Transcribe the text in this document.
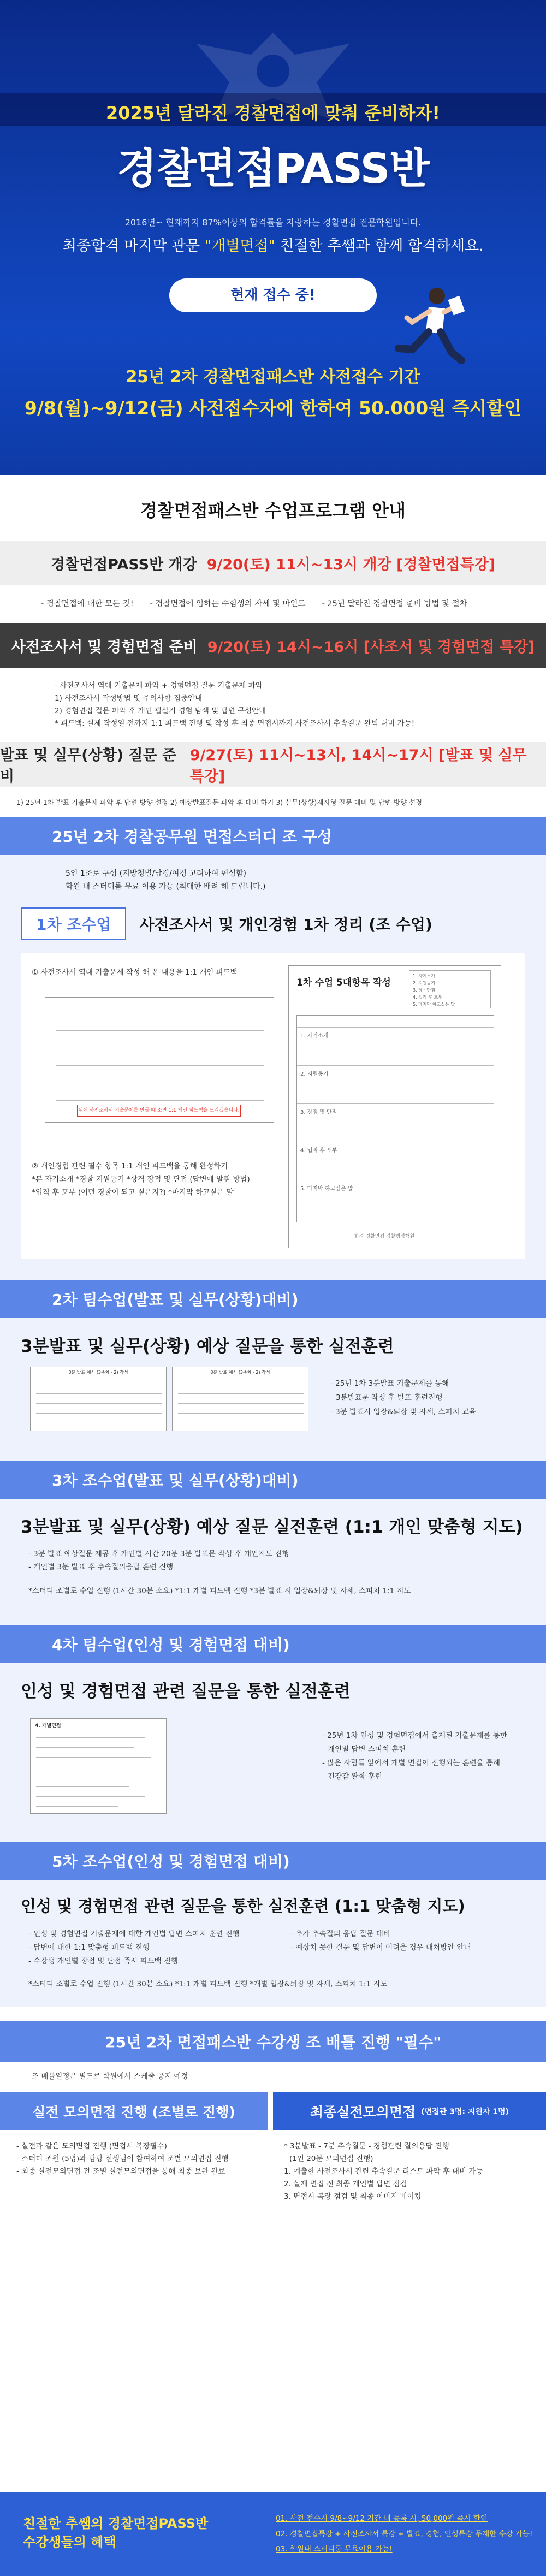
2025년 달라진 경찰면접에 맞춰 준비하자!
경찰면접PASS반
2016년~ 현재까지 87%이상의 합격률을 자랑하는 경찰면접 전문학원입니다.
최종합격 마지막 관문 "개별면접" 친절한 추쌤과 함께 합격하세요.
현재 접수 중!
25년 2차 경찰면접패스반 사전접수 기간
9/8(월)~9/12(금) 사전접수자에 한하여 50.000원 즉시할인
경찰면접패스반 수업프로그램 안내
경찰면접PASS반 개강 9/20(토) 11시~13시 개강 [경찰면접특강]
- 경찰면접에 대한 모든 것! - 경찰면접에 임하는 수험생의 자세 및 마인드 - 25년 달라진 경찰면접 준비 방법 및 절차
사전조사서 및 경험면접 준비 9/20(토) 14시~16시 [사조서 및 경험면접 특강]
- 사전조사서 역대 기출문제 파악 + 경험면접 질문 기출문제 파악
1) 사전조사서 작성방법 및 주의사항 집중안내
2) 경험면접 질문 파악 후 개인 필살기 경험 탐색 및 답변 구성안내
* 피드백: 실제 작성일 전까지 1:1 피드백 진행 및 작성 후 최종 면접시까지 사전조사서 추속질문 완벽 대비 가능!
발표 및 실무(상황) 질문 준비
9/27(토) 11시~13시, 14시~17시 [발표 및 실무 특강]
1) 25년 1차 발표 기출문제 파악 후 답변 방향 설정 2) 예상발표질문 파악 후 대비 하기 3) 실무(상황)제시형 질문 대비 및 답변 방향 설정
25년 2차 경찰공무원 면접스터디 조 구성
5인 1조로 구성 (지방청별/남경/여경 고려하여 편성함)
학원 내 스터디룸 무료 이용 가능 (최대한 배려 해 드립니다.)
1차 조수업	사전조사서 및 개인경험 1차 정리 (조 수업)
① 사전조사서 역대 기출문제 작성 해 온 내용을 1:1 개인 피드백
위에 사전조사서 기출문제를 만들 때 소면 1:1 개인 피드백을 드리겠습니다.
② 개인경험 관련 필수 항목 1:1 개인 피드백을 통해 완성하기
*본 자기소개 *경찰 지원동기 *상격 장점 및 단점 (답변에 발휘 방법)
*입직 후 포부 (어떤 경찰이 되고 싶은지?) *마지막 하고싶은 말
1차 수업 5대항목 작성
1. 자기소개
2. 지원동기
3. 장 · 단점
4. 입직 후 포부
5. 마지막 하고싶은 말
1. 자기소개
2. 지원동기
3. 장점 및 단점
4. 입직 후 포부
5. 마지막 하고싶은 말
한경 경찰면접 경찰행정학원
2차 팀수업(발표 및 실무(상황)대비)
3분발표 및 실무(상황) 예상 질문을 통한 실전훈련
3분 발표 예시 (3주차 - 2) 작성	3분 발표 예시 (3주차 - 2) 작성
- 25년 1차 3분발표 기출문제를 통해
3분발표문 작성 후 발표 훈련진행
- 3분 발표시 입장&퇴장 및 자세, 스피치 교육
3차 조수업(발표 및 실무(상황)대비)
3분발표 및 실무(상황) 예상 질문 실전훈련 (1:1 개인 맞춤형 지도)
- 3분 발표 예상질문 제공 후 개인별 시간 20분 3분 발표문 작성 후 개인지도 진행
- 개인별 3분 발표 후 추속질의응답 훈련 진행
*스터디 조별로 수업 진행 (1시간 30분 소요) *1:1 개별 피드백 진행 *3분 발표 시 입장&퇴장 및 자세, 스피치 1:1 지도
4차 팀수업(인성 및 경험면접 대비)
인성 및 경험면접 관련 질문을 통한 실전훈련
4. 개별면접
- 25년 1차 인성 및 경험면접에서 출제된 기출문제를 통한
개인별 답변 스피치 훈련
- 많은 사람들 앞에서 개별 면접이 진행되는 훈련을 통해
긴장감 완화 훈련
5차 조수업(인성 및 경험면접 대비)
인성 및 경험면접 관련 질문을 통한 실전훈련 (1:1 맞춤형 지도)
- 인성 및 경험면접 기출문제에 대한 개인별 답변 스피치 훈련 진행
- 답변에 대한 1:1 맞춤형 피드백 진행
- 수강생 개인별 장점 및 단점 즉시 피드백 진행
- 추가 추속질의 응답 질문 대비
- 예상치 못한 질문 및 답변이 어려울 경우 대처방안 안내
*스터디 조별로 수업 진행 (1시간 30분 소요) *1:1 개별 피드백 진행 *개별 입장&퇴장 및 자세, 스피치 1:1 지도
25년 2차 면접패스반 수강생 조 배틀 진행 "필수"
조 배틀일정은 별도로 학원에서 스케줄 공지 예정
실전 모의면접 진행 (조별로 진행)	최종실전모의면접 (면접관 3명: 지원자 1명)
- 실전과 같은 모의면접 진행 (면접시 복장필수)
- 스터디 조원 (5명)과 담당 선생님이 참여하여 조별 모의면접 진행
- 최종 실전모의면접 전 조별 실전모의면접을 통해 최종 보완 완료
* 3분발표 - 7분 추속질문 - 경험관련 질의응답 진행
(1인 20분 모의면접 진행)
1. 예출한 사전조사서 관련 추속질문 리스트 파악 후 대비 가능
2. 실제 면접 전 최종 개인별 답변 점검
3. 면접시 복장 점검 및 최종 이미지 메이킹
친절한 추쌤의 경찰면접PASS반
수강생들의 혜택
01. 사전 접수시 9/8~9/12 기간 내 등록 시, 50,000원 즉시 할인
02. 경찰면접특강 + 사전조사서 특강 + 발표, 경험, 인성특강 무제한 수강 가능!
03. 학원내 스터디룸 무료이용 가능!
